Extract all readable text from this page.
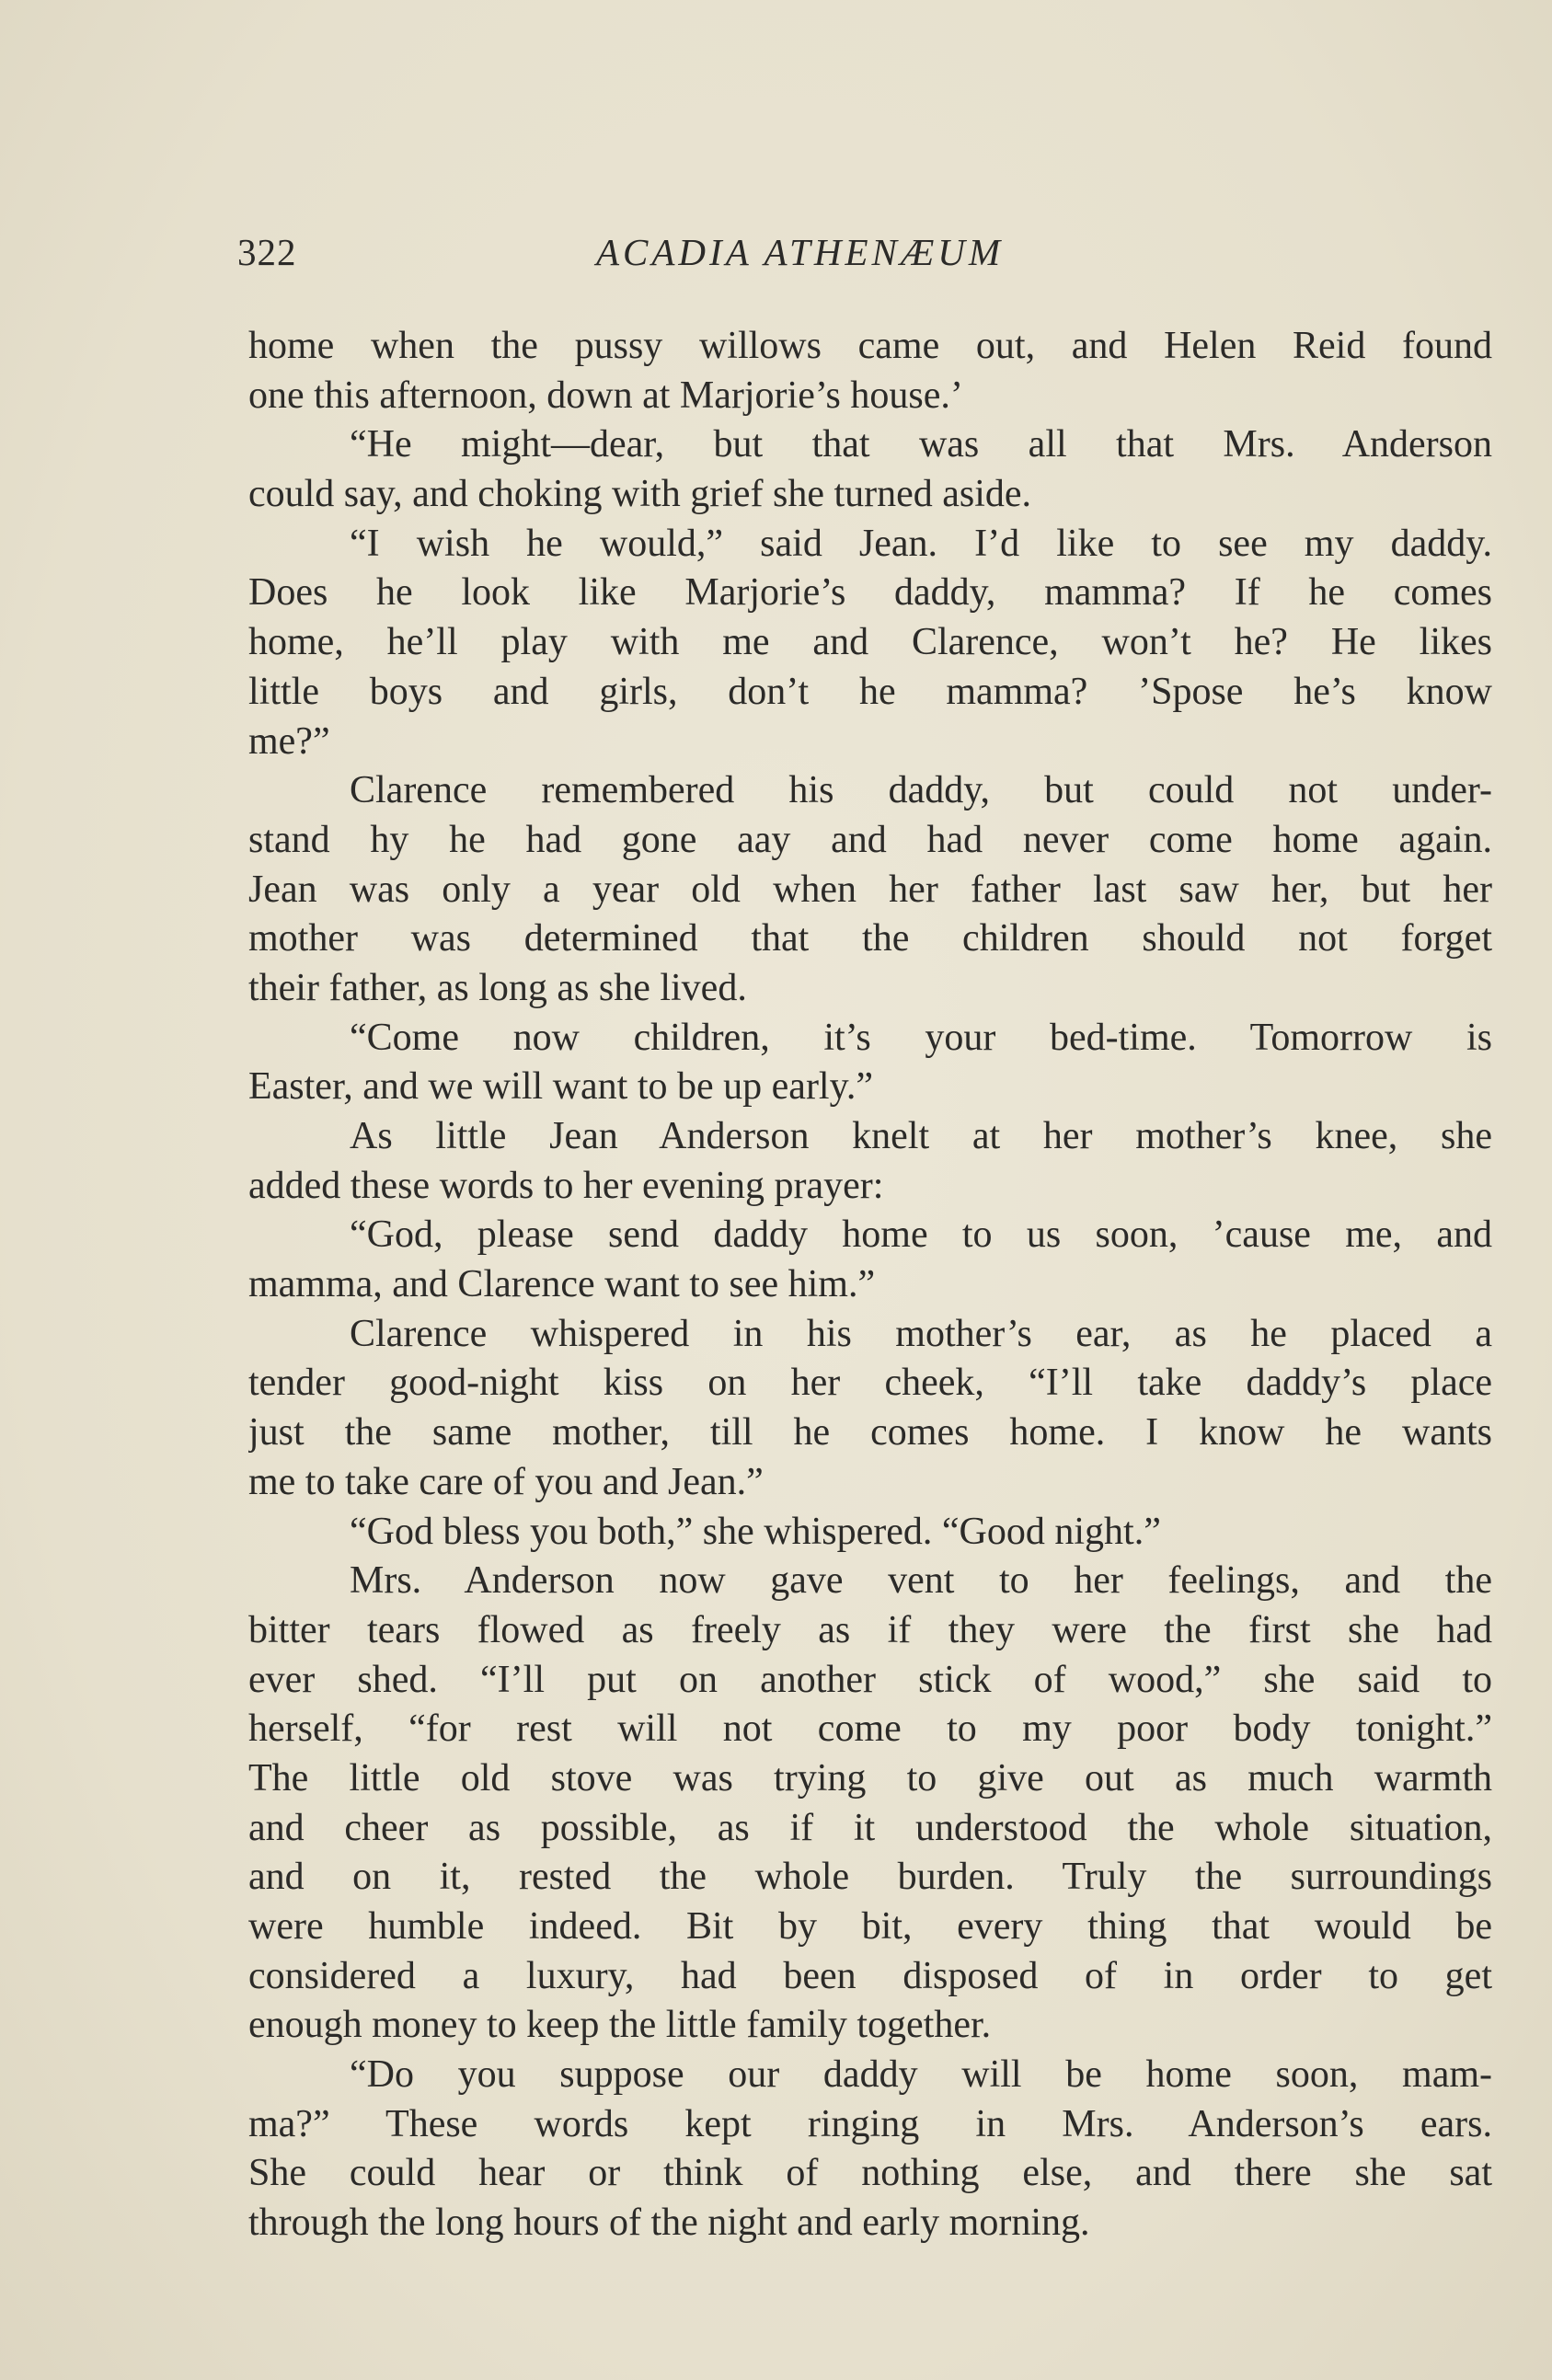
322	ACADIA ATHENÆUM
home when the pussy willows came out, and Helen Reid found
one this afternoon, down at Marjorie’s house.’
“He might—dear, but that was all that Mrs. Anderson
could say, and choking with grief she turned aside.
“I wish he would,” said Jean. I’d like to see my daddy.
Does he look like Marjorie’s daddy, mamma? If he comes
home, he’ll play with me and Clarence, won’t he? He likes
little boys and girls, don’t he mamma? ’Spose he’s know
me?”
Clarence remembered his daddy, but could not under-
stand hy he had gone aay and had never come home again.
Jean was only a year old when her father last saw her, but her
mother was determined that the children should not forget
their father, as long as she lived.
“Come now children, it’s your bed-time. Tomorrow is
Easter, and we will want to be up early.”
As little Jean Anderson knelt at her mother’s knee, she
added these words to her evening prayer:
“God, please send daddy home to us soon, ’cause me, and
mamma, and Clarence want to see him.”
Clarence whispered in his mother’s ear, as he placed a
tender good-night kiss on her cheek, “I’ll take daddy’s place
just the same mother, till he comes home. I know he wants
me to take care of you and Jean.”
“God bless you both,” she whispered. “Good night.”
Mrs. Anderson now gave vent to her feelings, and the
bitter tears flowed as freely as if they were the first she had
ever shed. “I’ll put on another stick of wood,” she said to
herself, “for rest will not come to my poor body tonight.”
The little old stove was trying to give out as much warmth
and cheer as possible, as if it understood the whole situation,
and on it, rested the whole burden. Truly the surroundings
were humble indeed. Bit by bit, every thing that would be
considered a luxury, had been disposed of in order to get
enough money to keep the little family together.
“Do you suppose our daddy will be home soon, mam-
ma?” These words kept ringing in Mrs. Anderson’s ears.
She could hear or think of nothing else, and there she sat
through the long hours of the night and early morning.
